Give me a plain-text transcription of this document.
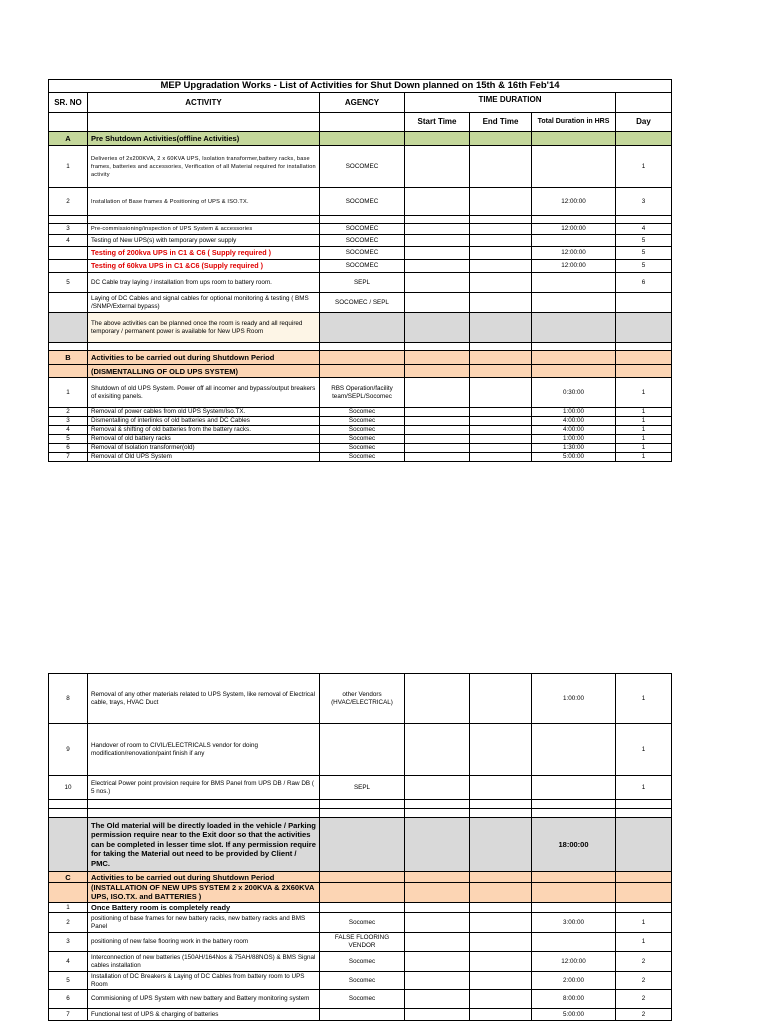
MEP Upgradation Works - List of Activities for Shut Down planned on 15th & 16th Feb'14						
SR. NO	ACTIVITY	AGENCY	TIME DURATION			
			Start Time	End Time	Total Duration in HRS	Day
A	Pre Shutdown Activities(offline Activities)					
1	Deliveries of 2x200KVA, 2 x 60KVA UPS, Isolation transformer,battery racks, base frames, batteries and accessories, Verification of all Material required for installation activity	SOCOMEC				1
2	Installation of Base frames & Positioning of UPS & ISO.TX.	SOCOMEC			12:00:00	3

3	Pre-commissioning/inspection of UPS System & accessories	SOCOMEC			12:00:00	4
4	Testing of New UPS(s) with temporary power supply	SOCOMEC				5
	Testing of 200kva UPS in C1 & C6 ( Supply required )	SOCOMEC			12:00:00	5
	Testing of 60kva UPS in C1 &C6 (Supply required )	SOCOMEC			12:00:00	5
5	DC Cable tray laying / installation from ups room to battery room.	SEPL				6
	Laying of DC Cables and signal cables for optional monitoring & testing ( BMS /SNMP/External bypass)	SOCOMEC / SEPL				
	The above activities can be planned once the room is ready and all required temporary / permanent power is available for New UPS Room					

B	Activities to be carried out during Shutdown Period					
	(DISMENTALLING OF OLD UPS SYSTEM)					
1	Shutdown of old UPS System. Power off all incomer and bypass/output breakers of exisiting panels.	RBS Operation/facility team/SEPL/Socomec			0:30:00	1
2	Removal of power cables from old UPS System/Iso.TX.	Socomec			1:00:00	1
3	Dismentalling of interlinks of old batteries and DC Cables	Socomec			4:00:00	1
4	Removal & shifting of old batteries from the battery racks.	Socomec			4:00:00	1
5	Removal of old battery racks	Socomec			1:00:00	1
6	Removal of Isolation transformer(old)	Socomec			1:30:00	1
7	Removal of Old UPS System	Socomec			5:00:00	1
8	Removal of any other materials related to UPS System, like removal of Electrical cable, trays, HVAC Duct	other Vendors (HVAC/ELECTRICAL)			1:00:00	1
9	Handover of room to CIVIL/ELECTRICALS vendor for doing modification/renovation/paint finish if any					1
10	Electrical Power point provision require for BMS Panel from UPS DB / Raw DB ( 5 nos.)	SEPL				1

	The Old material will be directly loaded in the vehicle / Parking permission require near to the Exit door so that the activities can be completed in lesser time slot. If any permission require for taking the Material out need to be provided by Client / PMC.				18:00:00	
C	Activities to be carried out during Shutdown Period					
	(INSTALLATION OF NEW UPS SYSTEM 2 x 200KVA & 2X60KVA UPS, ISO.TX. and BATTERIES )					
1	Once Battery room is completely ready					
2	positioning of base frames for new battery racks, new battery racks and BMS Panel	Socomec			3:00:00	1
3	positioning of new false flooring work in the battery room	FALSE FLOORING VENDOR				1
4	Interconnection of new batteries (150AH/164Nos & 75AH/88NOS) & BMS Signal cables installation	Socomec			12:00:00	2
5	Installation of DC Breakers & Laying of DC Cables from battery room to UPS Room	Socomec			2:00:00	2
6	Commisioning of UPS System with new battery and Battery monitoring system	Socomec			8:00:00	2
7	Functional test of UPS & charging of batteries				5:00:00	2
